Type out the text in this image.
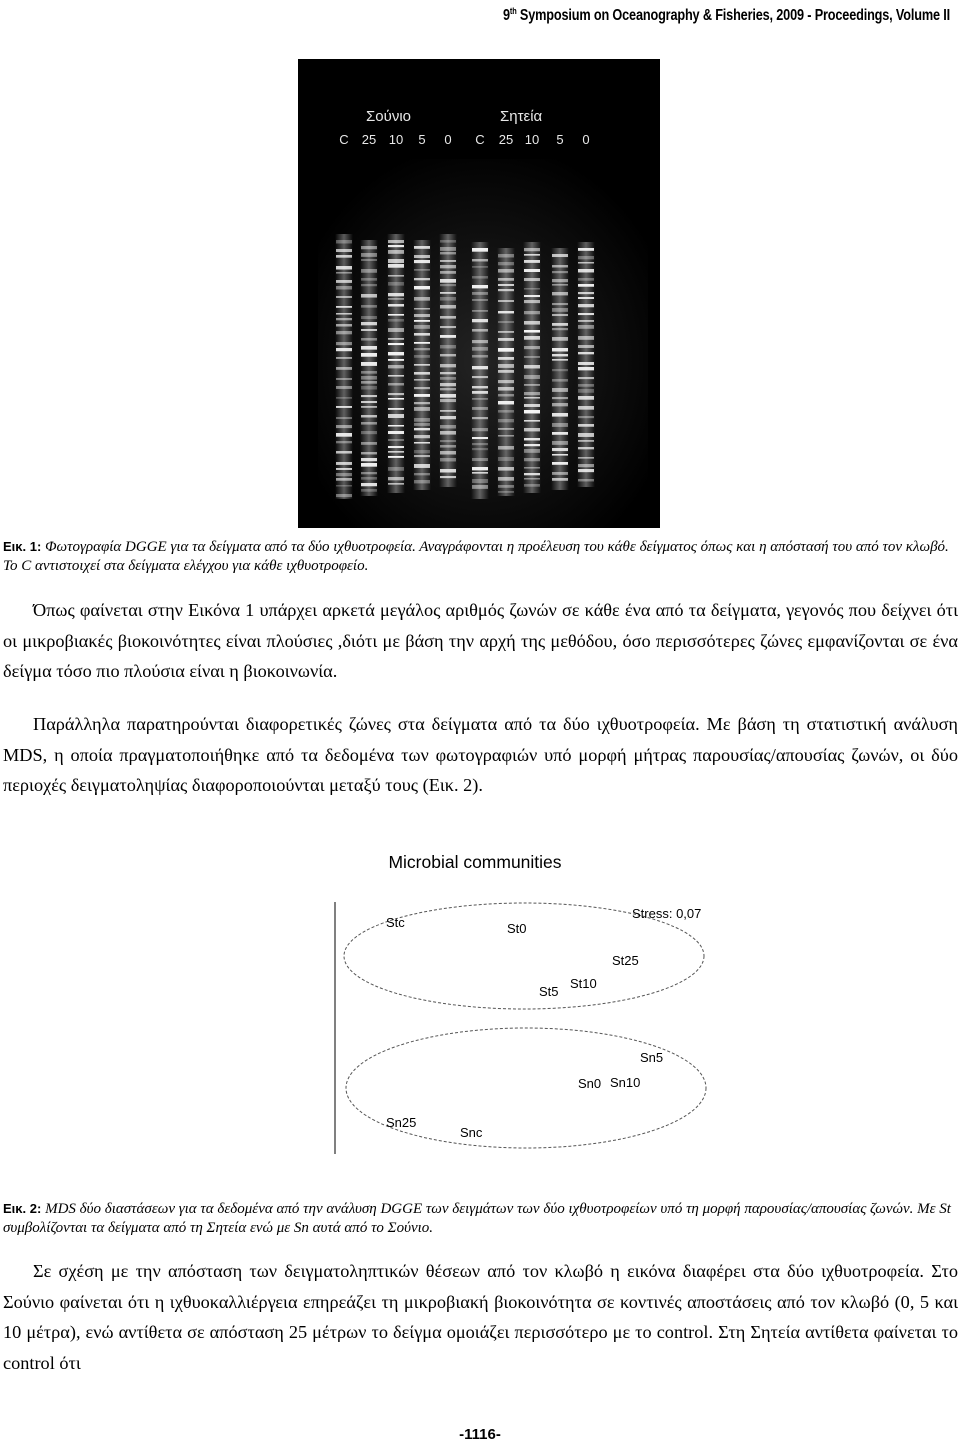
9th Symposium on Oceanography & Fisheries, 2009 - Proceedings, Volume II
Σούνιο	Σητεία
C 25 10 5 0 C 25 10 5 0
Εικ. 1: Φωτογραφία DGGE για τα δείγματα από τα δύο ιχθυοτροφεία. Αναγράφονται η προέλευση του κάθε δείγματος όπως και η απόστασή του από τον κλωβό. Το C αντιστοιχεί στα δείγματα ελέγχου για κάθε ιχθυοτροφείο.
Όπως φαίνεται στην Εικόνα 1 υπάρχει αρκετά μεγάλος αριθμός ζωνών σε κάθε ένα από τα δείγματα, γεγονός που δείχνει ότι οι μικροβιακές βιοκοινότητες είναι πλούσιες ,διότι με βάση την αρχή της μεθόδου, όσο περισσότερες ζώνες εμφανίζονται σε ένα δείγμα τόσο πιο πλούσια είναι η βιοκοινωνία.
Παράλληλα παρατηρούνται διαφορετικές ζώνες στα δείγματα από τα δύο ιχθυοτροφεία. Με βάση τη στατιστική ανάλυση MDS, η οποία πραγματοποιήθηκε από τα δεδομένα των φωτογραφιών υπό μορφή μήτρας παρουσίας/απουσίας ζωνών, οι δύο περιοχές δειγματοληψίας διαφοροποιούνται μεταξύ τους (Εικ. 2).
Microbial communities
Stress: 0,07
Stc	St0
St25
St10
St5
Sn5
Sn0 Sn10
Sn25
Snc
Εικ. 2: MDS δύο διαστάσεων για τα δεδομένα από την ανάλυση DGGE των δειγμάτων των δύο ιχθυοτροφείων υπό τη μορφή παρουσίας/απουσίας ζωνών. Με St συμβολίζονται τα δείγματα από τη Σητεία ενώ με Sn αυτά από το Σούνιο.
Σε σχέση με την απόσταση των δειγματοληπτικών θέσεων από τον κλωβό η εικόνα διαφέρει στα δύο ιχθυοτροφεία. Στο Σούνιο φαίνεται ότι η ιχθυοκαλλιέργεια επηρεάζει τη μικροβιακή βιοκοινότητα σε κοντινές αποστάσεις από τον κλωβό (0, 5 και 10 μέτρα), ενώ αντίθετα σε απόσταση 25 μέτρων το δείγμα ομοιάζει περισσότερο με το control. Στη Σητεία αντίθετα φαίνεται το control ότι
-1116-
